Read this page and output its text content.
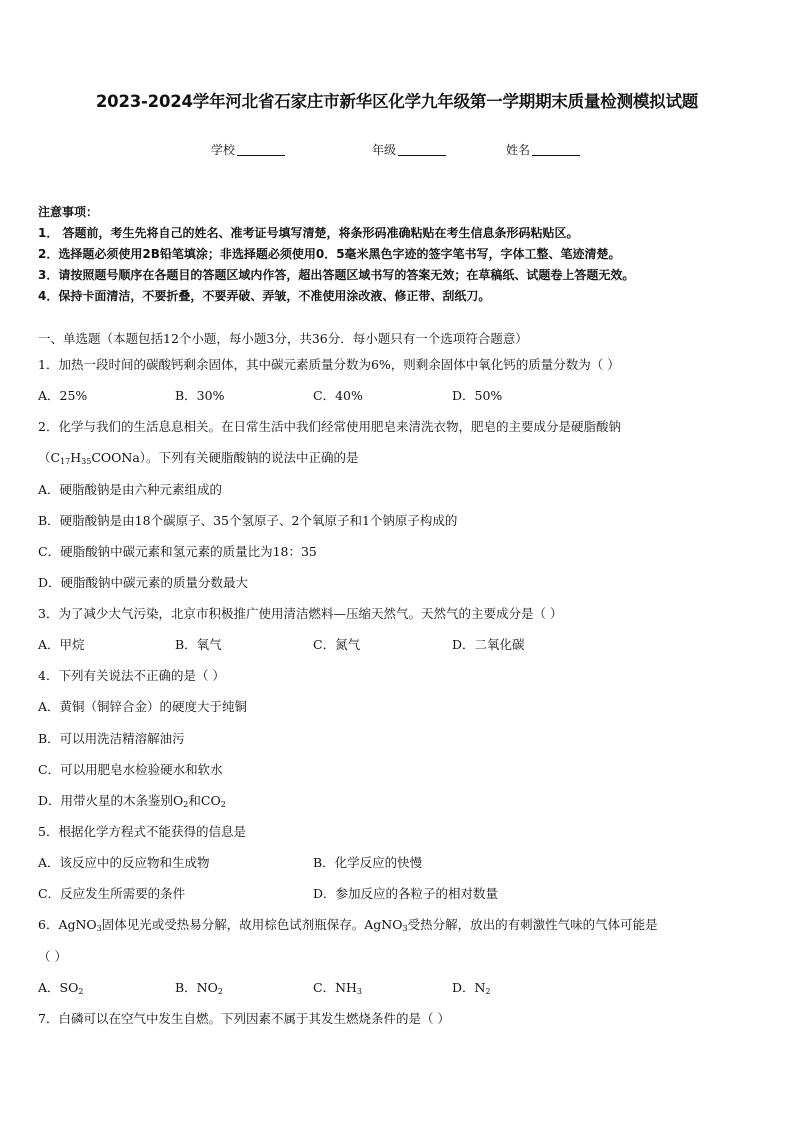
2023-2024学年河北省石家庄市新华区化学九年级第一学期期末质量检测模拟试题
学校	年级	姓名
注意事项：
1． 答题前，考生先将自己的姓名、准考证号填写清楚，将条形码准确粘贴在考生信息条形码粘贴区。
2．选择题必须使用2B铅笔填涂；非选择题必须使用0．5毫米黑色字迹的签字笔书写，字体工整、笔迹清楚。
3．请按照题号顺序在各题目的答题区域内作答，超出答题区域书写的答案无效；在草稿纸、试题卷上答题无效。
4．保持卡面清洁，不要折叠，不要弄破、弄皱，不准使用涂改液、修正带、刮纸刀。
一、单选题（本题包括12个小题，每小题3分，共36分．每小题只有一个选项符合题意）
1．加热一段时间的碳酸钙剩余固体，其中碳元素质量分数为6%，则剩余固体中氧化钙的质量分数为（ ）
A．25%	B．30%	C．40%	D．50%
2．化学与我们的生活息息相关。在日常生活中我们经常使用肥皂来清洗衣物，肥皂的主要成分是硬脂酸钠
$(C_{17}H_{35}COONa)$。下列有关硬脂酸钠的说法中正确的是
A．硬脂酸钠是由六种元素组成的
B．硬脂酸钠是由18个碳原子、35个氢原子、2个氧原子和1个钠原子构成的
C．硬脂酸钠中碳元素和氢元素的质量比为18：35
D．硬脂酸钠中碳元素的质量分数最大
3．为了减少大气污染，北京市积极推广使用清洁燃料—压缩天然气。天然气的主要成分是（ ）
A．甲烷	B．氧气	C．氮气	D．二氧化碳
4．下列有关说法不正确的是（ ）
A．黄铜（铜锌合金）的硬度大于纯铜
B．可以用洗洁精溶解油污
C．可以用肥皂水检验硬水和软水
D．用带火星的木条鉴别$O_2$和$CO_2$
5．根据化学方程式不能获得的信息是
A．该反应中的反应物和生成物	B．化学反应的快慢
C．反应发生所需要的条件	D．参加反应的各粒子的相对数量
6．AgNO$_3$固体见光或受热易分解，故用棕色试剂瓶保存。AgNO$_3$受热分解，放出的有刺激性气味的气体可能是
（ ）
A．$SO_2$	B．$NO_2$	C．$NH_3$	D．$N_2$
7．白磷可以在空气中发生自燃。下列因素不属于其发生燃烧条件的是（ ）
